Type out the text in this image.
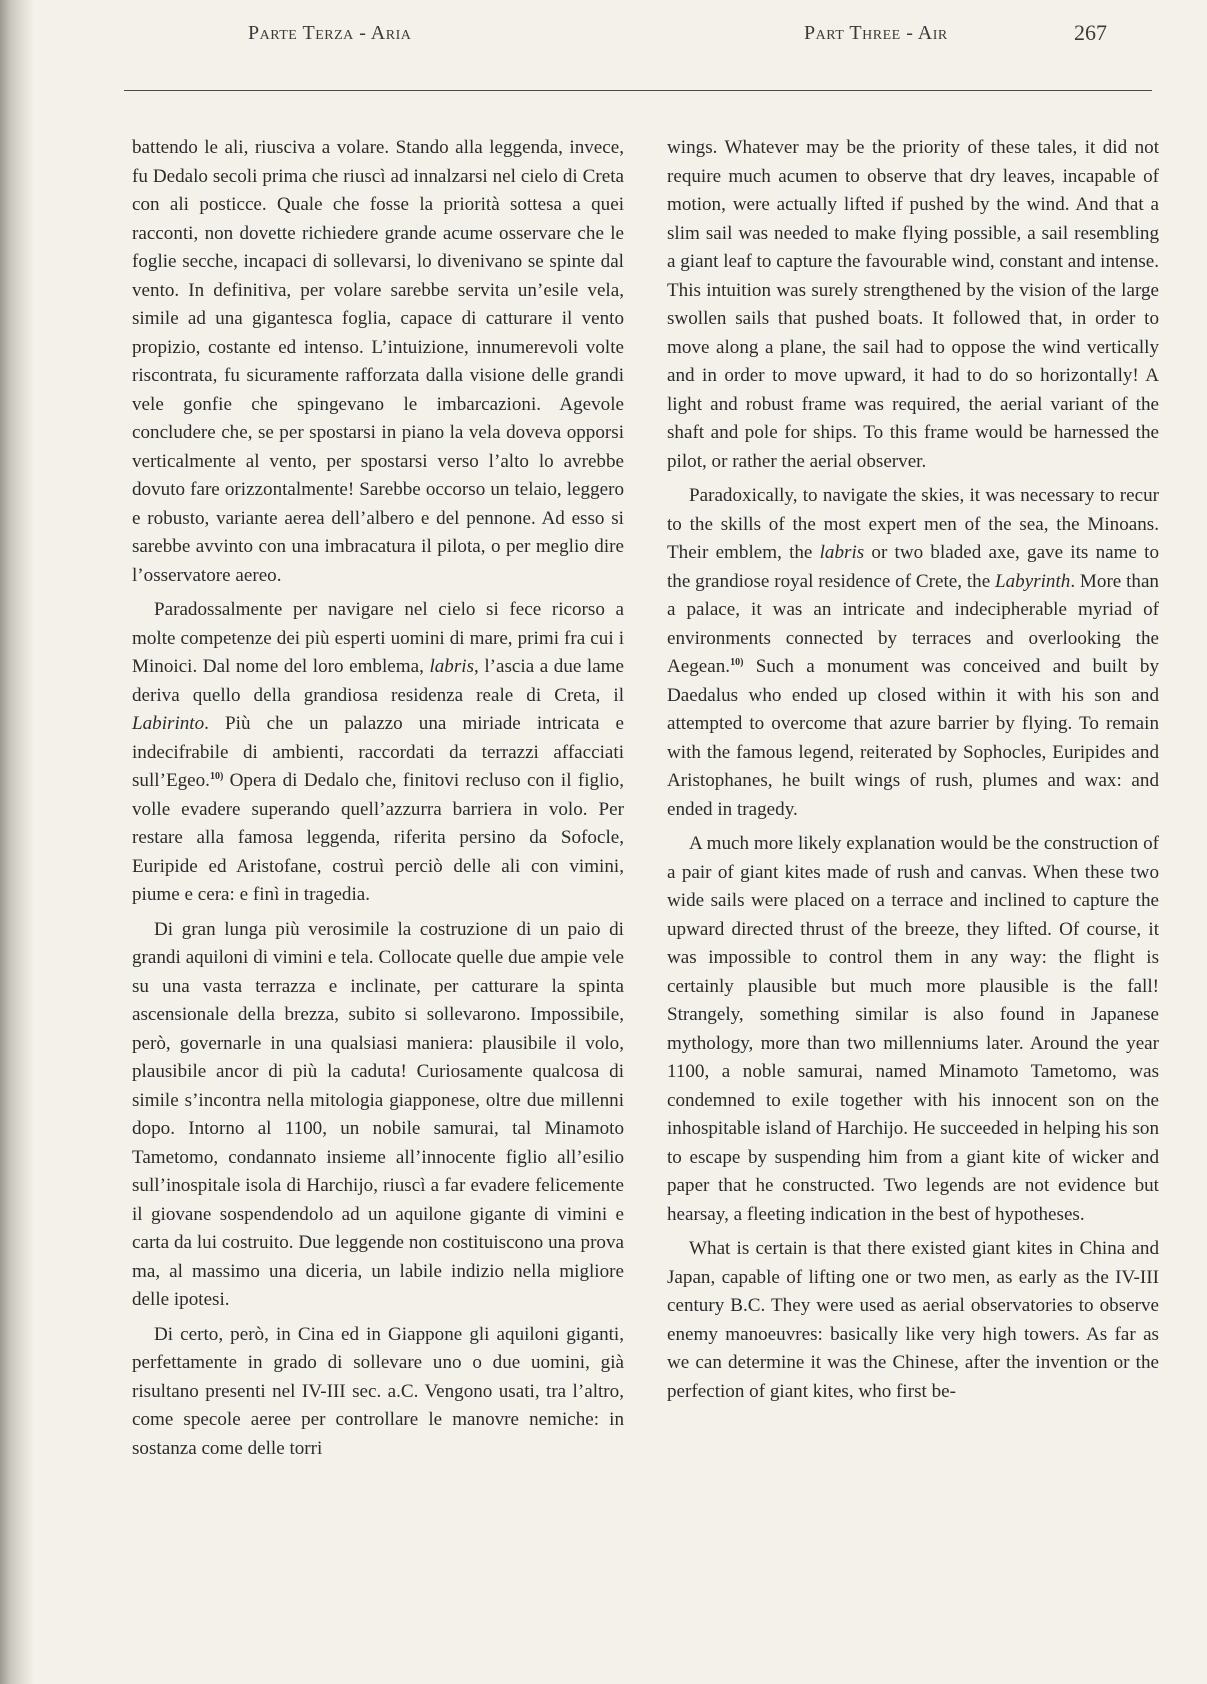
Parte Terza - Aria	Part Three - Air	267

battendo le ali, riusciva a volare. Stando alla leggenda, invece, fu Dedalo secoli prima che riuscì ad innalzarsi nel cielo di Creta con ali posticce. Quale che fosse la priorità sottesa a quei racconti, non dovette richiedere grande acume osservare che le foglie secche, incapaci di sollevarsi, lo divenivano se spinte dal vento. In definitiva, per volare sarebbe servita un’esile vela, simile ad una gigantesca foglia, capace di catturare il vento propizio, costante ed intenso. L’intuizione, innumerevoli volte riscontrata, fu sicuramente rafforzata dalla visione delle grandi vele gonfie che spingevano le imbarcazioni. Agevole concludere che, se per spostarsi in piano la vela doveva opporsi verticalmente al vento, per spostarsi verso l’alto lo avrebbe dovuto fare orizzontalmente! Sarebbe occorso un telaio, leggero e robusto, variante aerea dell’albero e del pennone. Ad esso si sarebbe avvinto con una imbracatura il pilota, o per meglio dire l’osservatore aereo.

Paradossalmente per navigare nel cielo si fece ricorso a molte competenze dei più esperti uomini di mare, primi fra cui i Minoici. Dal nome del loro emblema, labris, l’ascia a due lame deriva quello della grandiosa residenza reale di Creta, il Labirinto. Più che un palazzo una miriade intricata e indecifrabile di ambienti, raccordati da terrazzi affacciati sull’Egeo.$^{10)}$ Opera di Dedalo che, finitovi recluso con il figlio, volle evadere superando quell’azzurra barriera in volo. Per restare alla famosa leggenda, riferita persino da Sofocle, Euripide ed Aristofane, costruì perciò delle ali con vimini, piume e cera: e finì in tragedia.

Di gran lunga più verosimile la costruzione di un paio di grandi aquiloni di vimini e tela. Collocate quelle due ampie vele su una vasta terrazza e inclinate, per catturare la spinta ascensionale della brezza, subito si sollevarono. Impossibile, però, governarle in una qualsiasi maniera: plausibile il volo, plausibile ancor di più la caduta! Curiosamente qualcosa di simile s’incontra nella mitologia giapponese, oltre due millenni dopo. Intorno al 1100, un nobile samurai, tal Minamoto Tametomo, condannato insieme all’innocente figlio all’esilio sull’inospitale isola di Harchijo, riuscì a far evadere felicemente il giovane sospendendolo ad un aquilone gigante di vimini e carta da lui costruito. Due leggende non costituiscono una prova ma, al massimo una diceria, un labile indizio nella migliore delle ipotesi.

Di certo, però, in Cina ed in Giappone gli aquiloni giganti, perfettamente in grado di sollevare uno o due uomini, già risultano presenti nel IV-III sec. a.C. Vengono usati, tra l’altro, come specole aeree per controllare le manovre nemiche: in sostanza come delle torri

wings. Whatever may be the priority of these tales, it did not require much acumen to observe that dry leaves, incapable of motion, were actually lifted if pushed by the wind. And that a slim sail was needed to make flying possible, a sail resembling a giant leaf to capture the favourable wind, constant and intense. This intuition was surely strengthened by the vision of the large swollen sails that pushed boats. It followed that, in order to move along a plane, the sail had to oppose the wind vertically and in order to move upward, it had to do so horizontally! A light and robust frame was required, the aerial variant of the shaft and pole for ships. To this frame would be harnessed the pilot, or rather the aerial observer.

Paradoxically, to navigate the skies, it was necessary to recur to the skills of the most expert men of the sea, the Minoans. Their emblem, the labris or two bladed axe, gave its name to the grandiose royal residence of Crete, the Labyrinth. More than a palace, it was an intricate and indecipherable myriad of environments connected by terraces and overlooking the Aegean.$^{10)}$ Such a monument was conceived and built by Daedalus who ended up closed within it with his son and attempted to overcome that azure barrier by flying. To remain with the famous legend, reiterated by Sophocles, Euripides and Aristophanes, he built wings of rush, plumes and wax: and ended in tragedy.

A much more likely explanation would be the construction of a pair of giant kites made of rush and canvas. When these two wide sails were placed on a terrace and inclined to capture the upward directed thrust of the breeze, they lifted. Of course, it was impossible to control them in any way: the flight is certainly plausible but much more plausible is the fall! Strangely, something similar is also found in Japanese mythology, more than two millenniums later. Around the year 1100, a noble samurai, named Minamoto Tametomo, was condemned to exile together with his innocent son on the inhospitable island of Harchijo. He succeeded in helping his son to escape by suspending him from a giant kite of wicker and paper that he constructed. Two legends are not evidence but hearsay, a fleeting indication in the best of hypotheses.

What is certain is that there existed giant kites in China and Japan, capable of lifting one or two men, as early as the IV-III century B.C. They were used as aerial observatories to observe enemy manoeuvres: basically like very high towers. As far as we can determine it was the Chinese, after the invention or the perfection of giant kites, who first be-
